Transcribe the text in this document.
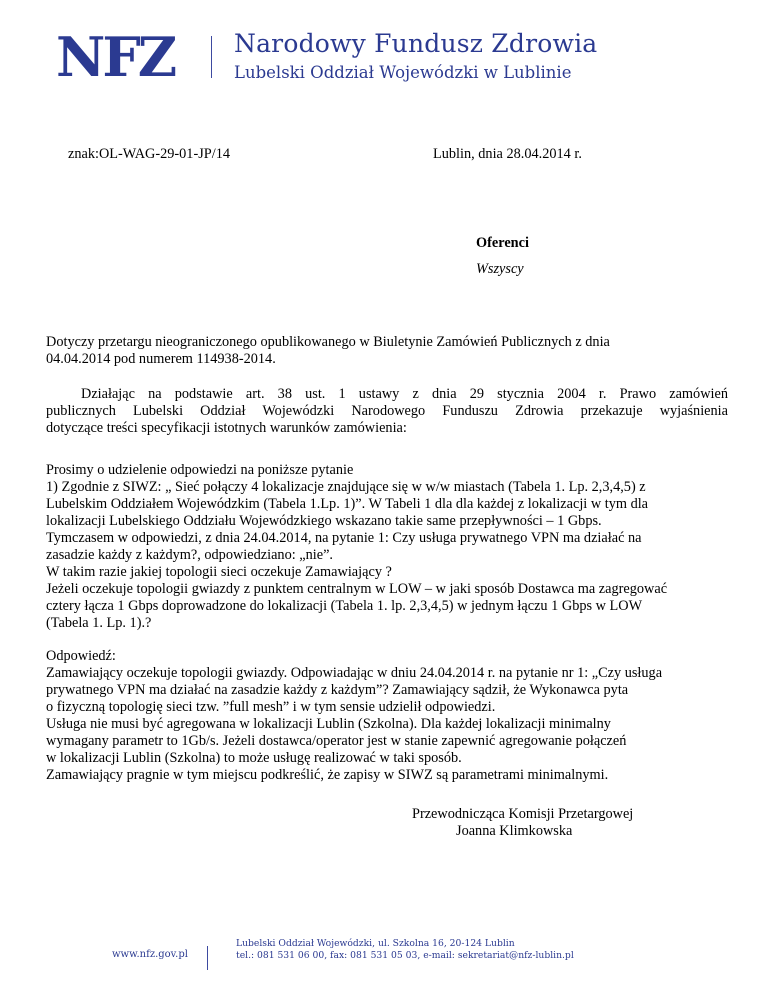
NFZ Narodowy Fundusz Zdrowia
Lubelski Oddział Wojewódzki w Lublinie
znak:OL-WAG-29-01-JP/14	Lublin, dnia 28.04.2014 r.
Oferenci
Wszyscy
Dotyczy przetargu nieograniczonego opublikowanego w Biuletynie Zamówień Publicznych z dnia
04.04.2014 pod numerem 114938-2014.
Działając na podstawie art. 38 ust. 1 ustawy z dnia 29 stycznia 2004 r. Prawo zamówień
publicznych Lubelski Oddział Wojewódzki Narodowego Funduszu Zdrowia przekazuje wyjaśnienia
dotyczące treści specyfikacji istotnych warunków zamówienia:
Prosimy o udzielenie odpowiedzi na poniższe pytanie
1) Zgodnie z SIWZ: „ Sieć połączy 4 lokalizacje znajdujące się w w/w miastach (Tabela 1. Lp. 2,3,4,5) z
Lubelskim Oddziałem Wojewódzkim (Tabela 1.Lp. 1)”. W Tabeli 1 dla dla każdej z lokalizacji w tym dla
lokalizacji Lubelskiego Oddziału Wojewódzkiego wskazano takie same przepływności – 1 Gbps.
Tymczasem w odpowiedzi, z dnia 24.04.2014, na pytanie 1: Czy usługa prywatnego VPN ma działać na
zasadzie każdy z każdym?, odpowiedziano: „nie”.
W takim razie jakiej topologii sieci oczekuje Zamawiający ?
Jeżeli oczekuje topologii gwiazdy z punktem centralnym w LOW – w jaki sposób Dostawca ma zagregować
cztery łącza 1 Gbps doprowadzone do lokalizacji (Tabela 1. lp. 2,3,4,5) w jednym łączu 1 Gbps w LOW
(Tabela 1. Lp. 1).?
Odpowiedź:
Zamawiający oczekuje topologii gwiazdy. Odpowiadając w dniu 24.04.2014 r. na pytanie nr 1: „Czy usługa
prywatnego VPN ma działać na zasadzie każdy z każdym”? Zamawiający sądził, że Wykonawca pyta
o fizyczną topologię sieci tzw. ”full mesh” i w tym sensie udzielił odpowiedzi.
Usługa nie musi być agregowana w lokalizacji Lublin (Szkolna). Dla każdej lokalizacji minimalny
wymagany parametr to 1Gb/s. Jeżeli dostawca/operator jest w stanie zapewnić agregowanie połączeń
w lokalizacji Lublin (Szkolna) to może usługę realizować w taki sposób.
Zamawiający pragnie w tym miejscu podkreślić, że zapisy w SIWZ są parametrami minimalnymi.
Przewodnicząca Komisji Przetargowej
Joanna Klimkowska
www.nfz.gov.pl
Lubelski Oddział Wojewódzki, ul. Szkolna 16, 20-124 Lublin
tel.: 081 531 06 00, fax: 081 531 05 03, e-mail: sekretariat@nfz-lublin.pl
